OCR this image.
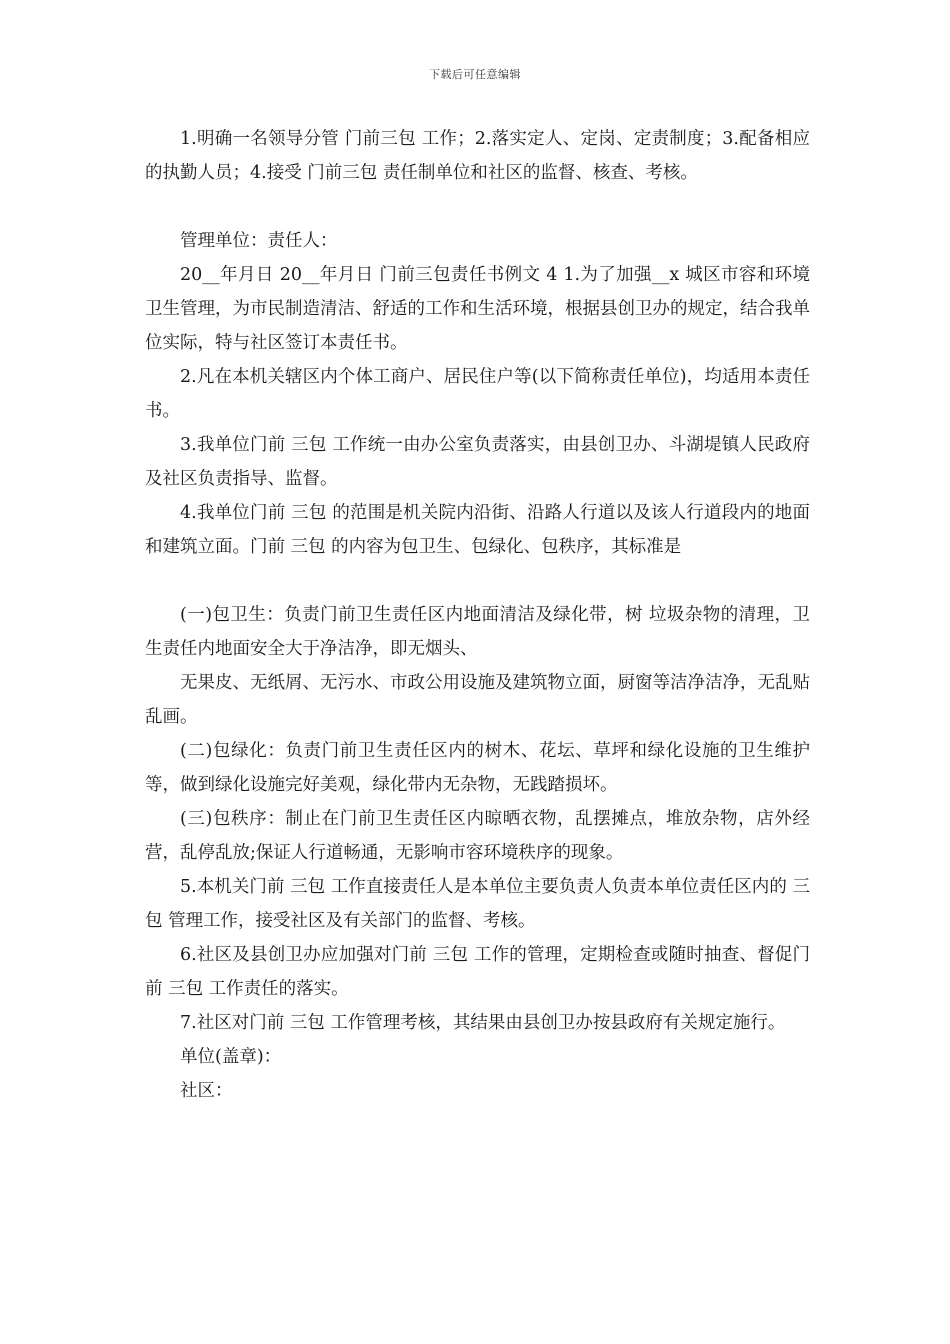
下载后可任意编辑

1.明确一名领导分管 门前三包 工作；2.落实定人、定岗、定责制度；3.配备相应的执勤人员；4.接受 门前三包 责任制单位和社区的监督、核查、考核。

管理单位：责任人：

20__年月日 20__年月日 门前三包责任书例文 4 1.为了加强__x 城区市容和环境卫生管理，为市民制造清洁、舒适的工作和生活环境，根据县创卫办的规定，结合我单位实际，特与社区签订本责任书。

2.凡在本机关辖区内个体工商户、居民住户等(以下简称责任单位)，均适用本责任书。

3.我单位门前 三包 工作统一由办公室负责落实，由县创卫办、斗湖堤镇人民政府及社区负责指导、监督。

4.我单位门前 三包 的范围是机关院内沿街、沿路人行道以及该人行道段内的地面和建筑立面。门前 三包 的内容为包卫生、包绿化、包秩序，其标准是

(一)包卫生：负责门前卫生责任区内地面清洁及绿化带，树 垃圾杂物的清理，卫生责任内地面安全大于净洁净，即无烟头、

无果皮、无纸屑、无污水、市政公用设施及建筑物立面，厨窗等洁净洁净，无乱贴乱画。

(二)包绿化：负责门前卫生责任区内的树木、花坛、草坪和绿化设施的卫生维护等，做到绿化设施完好美观，绿化带内无杂物，无践踏损坏。

(三)包秩序：制止在门前卫生责任区内晾晒衣物，乱摆摊点，堆放杂物，店外经营，乱停乱放;保证人行道畅通，无影响市容环境秩序的现象。

5.本机关门前 三包 工作直接责任人是本单位主要负责人负责本单位责任区内的 三包 管理工作，接受社区及有关部门的监督、考核。

6.社区及县创卫办应加强对门前 三包 工作的管理，定期检查或随时抽查、督促门前 三包 工作责任的落实。

7.社区对门前 三包 工作管理考核，其结果由县创卫办按县政府有关规定施行。

单位(盖章)：

社区：
